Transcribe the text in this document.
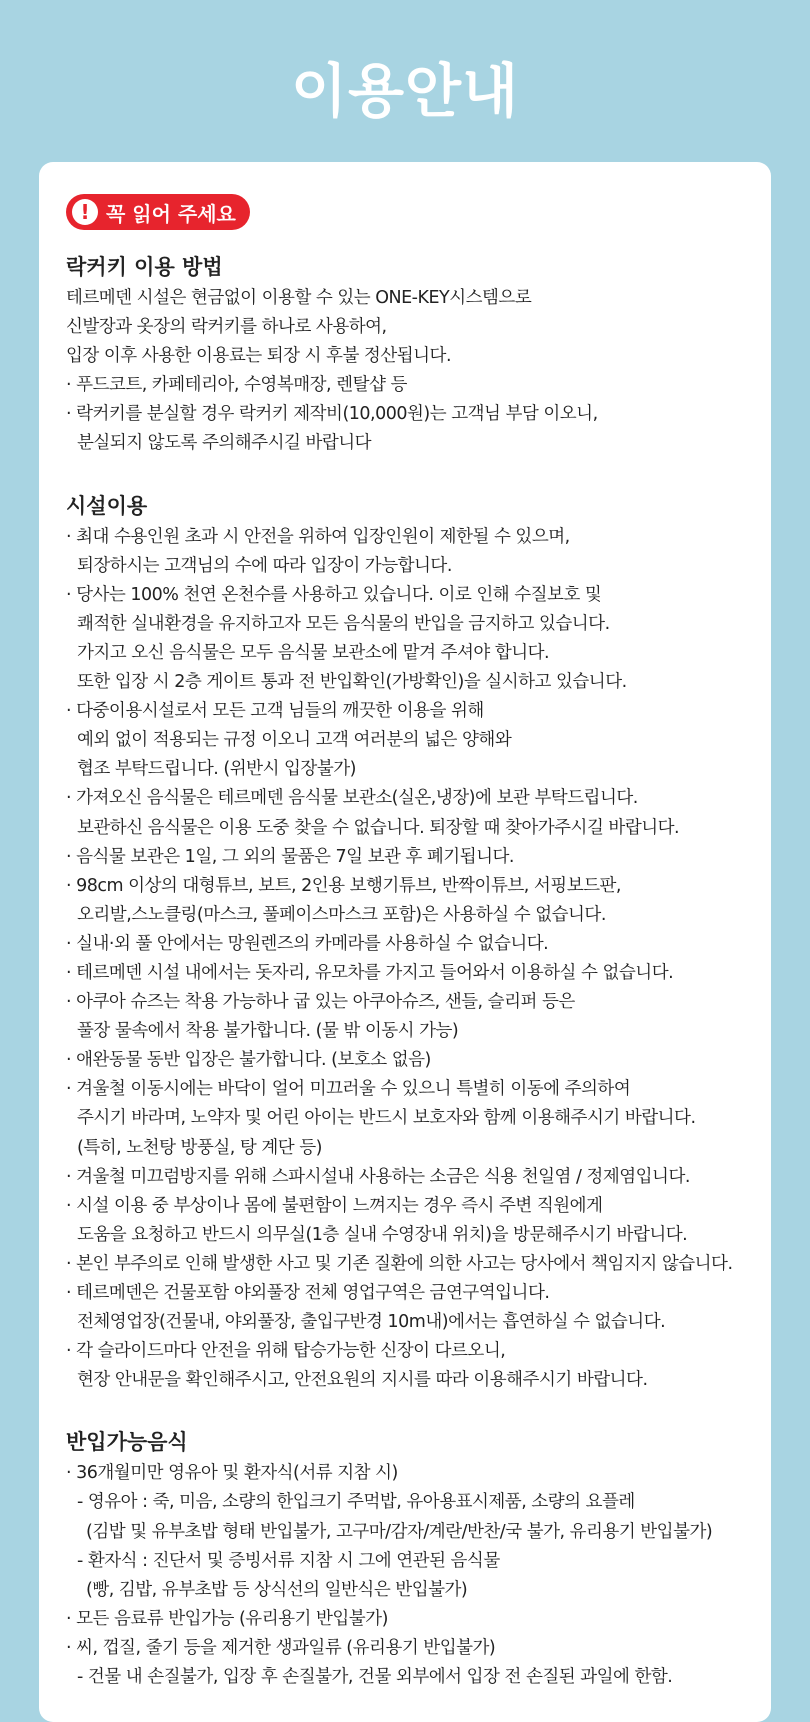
이용안내
! 꼭 읽어 주세요
락커키 이용 방법
테르메덴 시설은 현금없이 이용할 수 있는 ONE-KEY시스템으로
신발장과 옷장의 락커키를 하나로 사용하여,
입장 이후 사용한 이용료는 퇴장 시 후불 정산됩니다.
· 푸드코트, 카페테리아, 수영복매장, 렌탈샵 등
· 락커키를 분실할 경우 락커키 제작비(10,000원)는 고객님 부담 이오니,
분실되지 않도록 주의해주시길 바랍니다
시설이용
· 최대 수용인원 초과 시 안전을 위하여 입장인원이 제한될 수 있으며,
퇴장하시는 고객님의 수에 따라 입장이 가능합니다.
· 당사는 100% 천연 온천수를 사용하고 있습니다. 이로 인해 수질보호 및
쾌적한 실내환경을 유지하고자 모든 음식물의 반입을 금지하고 있습니다.
가지고 오신 음식물은 모두 음식물 보관소에 맡겨 주셔야 합니다.
또한 입장 시 2층 게이트 통과 전 반입확인(가방확인)을 실시하고 있습니다.
· 다중이용시설로서 모든 고객 님들의 깨끗한 이용을 위해
예외 없이 적용되는 규정 이오니 고객 여러분의 넓은 양해와
협조 부탁드립니다. (위반시 입장불가)
· 가져오신 음식물은 테르메덴 음식물 보관소(실온,냉장)에 보관 부탁드립니다.
보관하신 음식물은 이용 도중 찾을 수 없습니다. 퇴장할 때 찾아가주시길 바랍니다.
· 음식물 보관은 1일, 그 외의 물품은 7일 보관 후 폐기됩니다.
· 98cm 이상의 대형튜브, 보트, 2인용 보행기튜브, 반짝이튜브, 서핑보드판,
오리발,스노클링(마스크, 풀페이스마스크 포함)은 사용하실 수 없습니다.
· 실내·외 풀 안에서는 망원렌즈의 카메라를 사용하실 수 없습니다.
· 테르메덴 시설 내에서는 돗자리, 유모차를 가지고 들어와서 이용하실 수 없습니다.
· 아쿠아 슈즈는 착용 가능하나 굽 있는 아쿠아슈즈, 샌들, 슬리퍼 등은
풀장 물속에서 착용 불가합니다. (물 밖 이동시 가능)
· 애완동물 동반 입장은 불가합니다. (보호소 없음)
· 겨울철 이동시에는 바닥이 얼어 미끄러울 수 있으니 특별히 이동에 주의하여
주시기 바라며, 노약자 및 어린 아이는 반드시 보호자와 함께 이용해주시기 바랍니다.
(특히, 노천탕 방풍실, 탕 계단 등)
· 겨울철 미끄럼방지를 위해 스파시설내 사용하는 소금은 식용 천일염 / 정제염입니다.
· 시설 이용 중 부상이나 몸에 불편함이 느껴지는 경우 즉시 주변 직원에게
도움을 요청하고 반드시 의무실(1층 실내 수영장내 위치)을 방문해주시기 바랍니다.
· 본인 부주의로 인해 발생한 사고 및 기존 질환에 의한 사고는 당사에서 책임지지 않습니다.
· 테르메덴은 건물포함 야외풀장 전체 영업구역은 금연구역입니다.
전체영업장(건물내, 야외풀장, 출입구반경 10m내)에서는 흡연하실 수 없습니다.
· 각 슬라이드마다 안전을 위해 탑승가능한 신장이 다르오니,
현장 안내문을 확인해주시고, 안전요원의 지시를 따라 이용해주시기 바랍니다.
반입가능음식
· 36개월미만 영유아 및 환자식(서류 지참 시)
- 영유아 : 죽, 미음, 소량의 한입크기 주먹밥, 유아용표시제품, 소량의 요플레
(김밥 및 유부초밥 형태 반입불가, 고구마/감자/계란/반찬/국 불가, 유리용기 반입불가)
- 환자식 : 진단서 및 증빙서류 지참 시 그에 연관된 음식물
(빵, 김밥, 유부초밥 등 상식선의 일반식은 반입불가)
· 모든 음료류 반입가능 (유리용기 반입불가)
· 씨, 껍질, 줄기 등을 제거한 생과일류 (유리용기 반입불가)
- 건물 내 손질불가, 입장 후 손질불가, 건물 외부에서 입장 전 손질된 과일에 한함.
